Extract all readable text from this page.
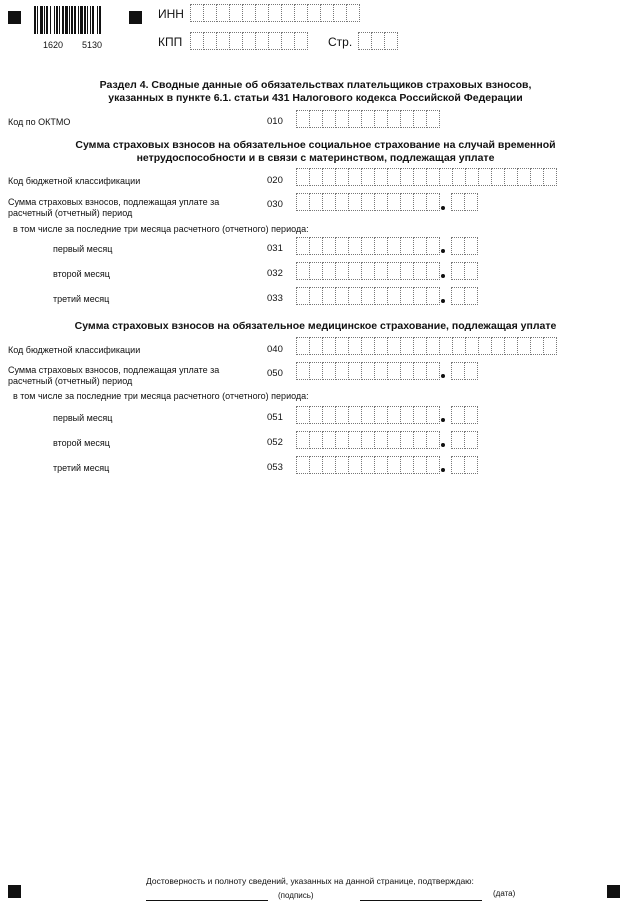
1620 5130
ИНН
КПП	Стр.
Раздел 4. Сводные данные об обязательствах плательщиков страховых взносов,
указанных в пункте 6.1. статьи 431 Налогового кодекса Российской Федерации
Код по ОКТМО	010
Сумма страховых взносов на обязательное социальное страхование на случай временной
нетрудоспособности и в связи с материнством, подлежащая уплате
Код бюджетной классификации	020
Сумма страховых взносов, подлежащая уплате за
расчетный (отчетный) период
030
в том числе за последние три месяца расчетного (отчетного) периода:
первый месяц	031
второй месяц	032
третий месяц	033
Сумма страховых взносов на обязательное медицинское страхование, подлежащая уплате
Код бюджетной классификации	040
Сумма страховых взносов, подлежащая уплате за
расчетный (отчетный) период
050
в том числе за последние три месяца расчетного (отчетного) периода:
первый месяц	051
второй месяц	052
третий месяц	053
Достоверность и полноту сведений, указанных на данной странице, подтверждаю:
(подпись)	(дата)
